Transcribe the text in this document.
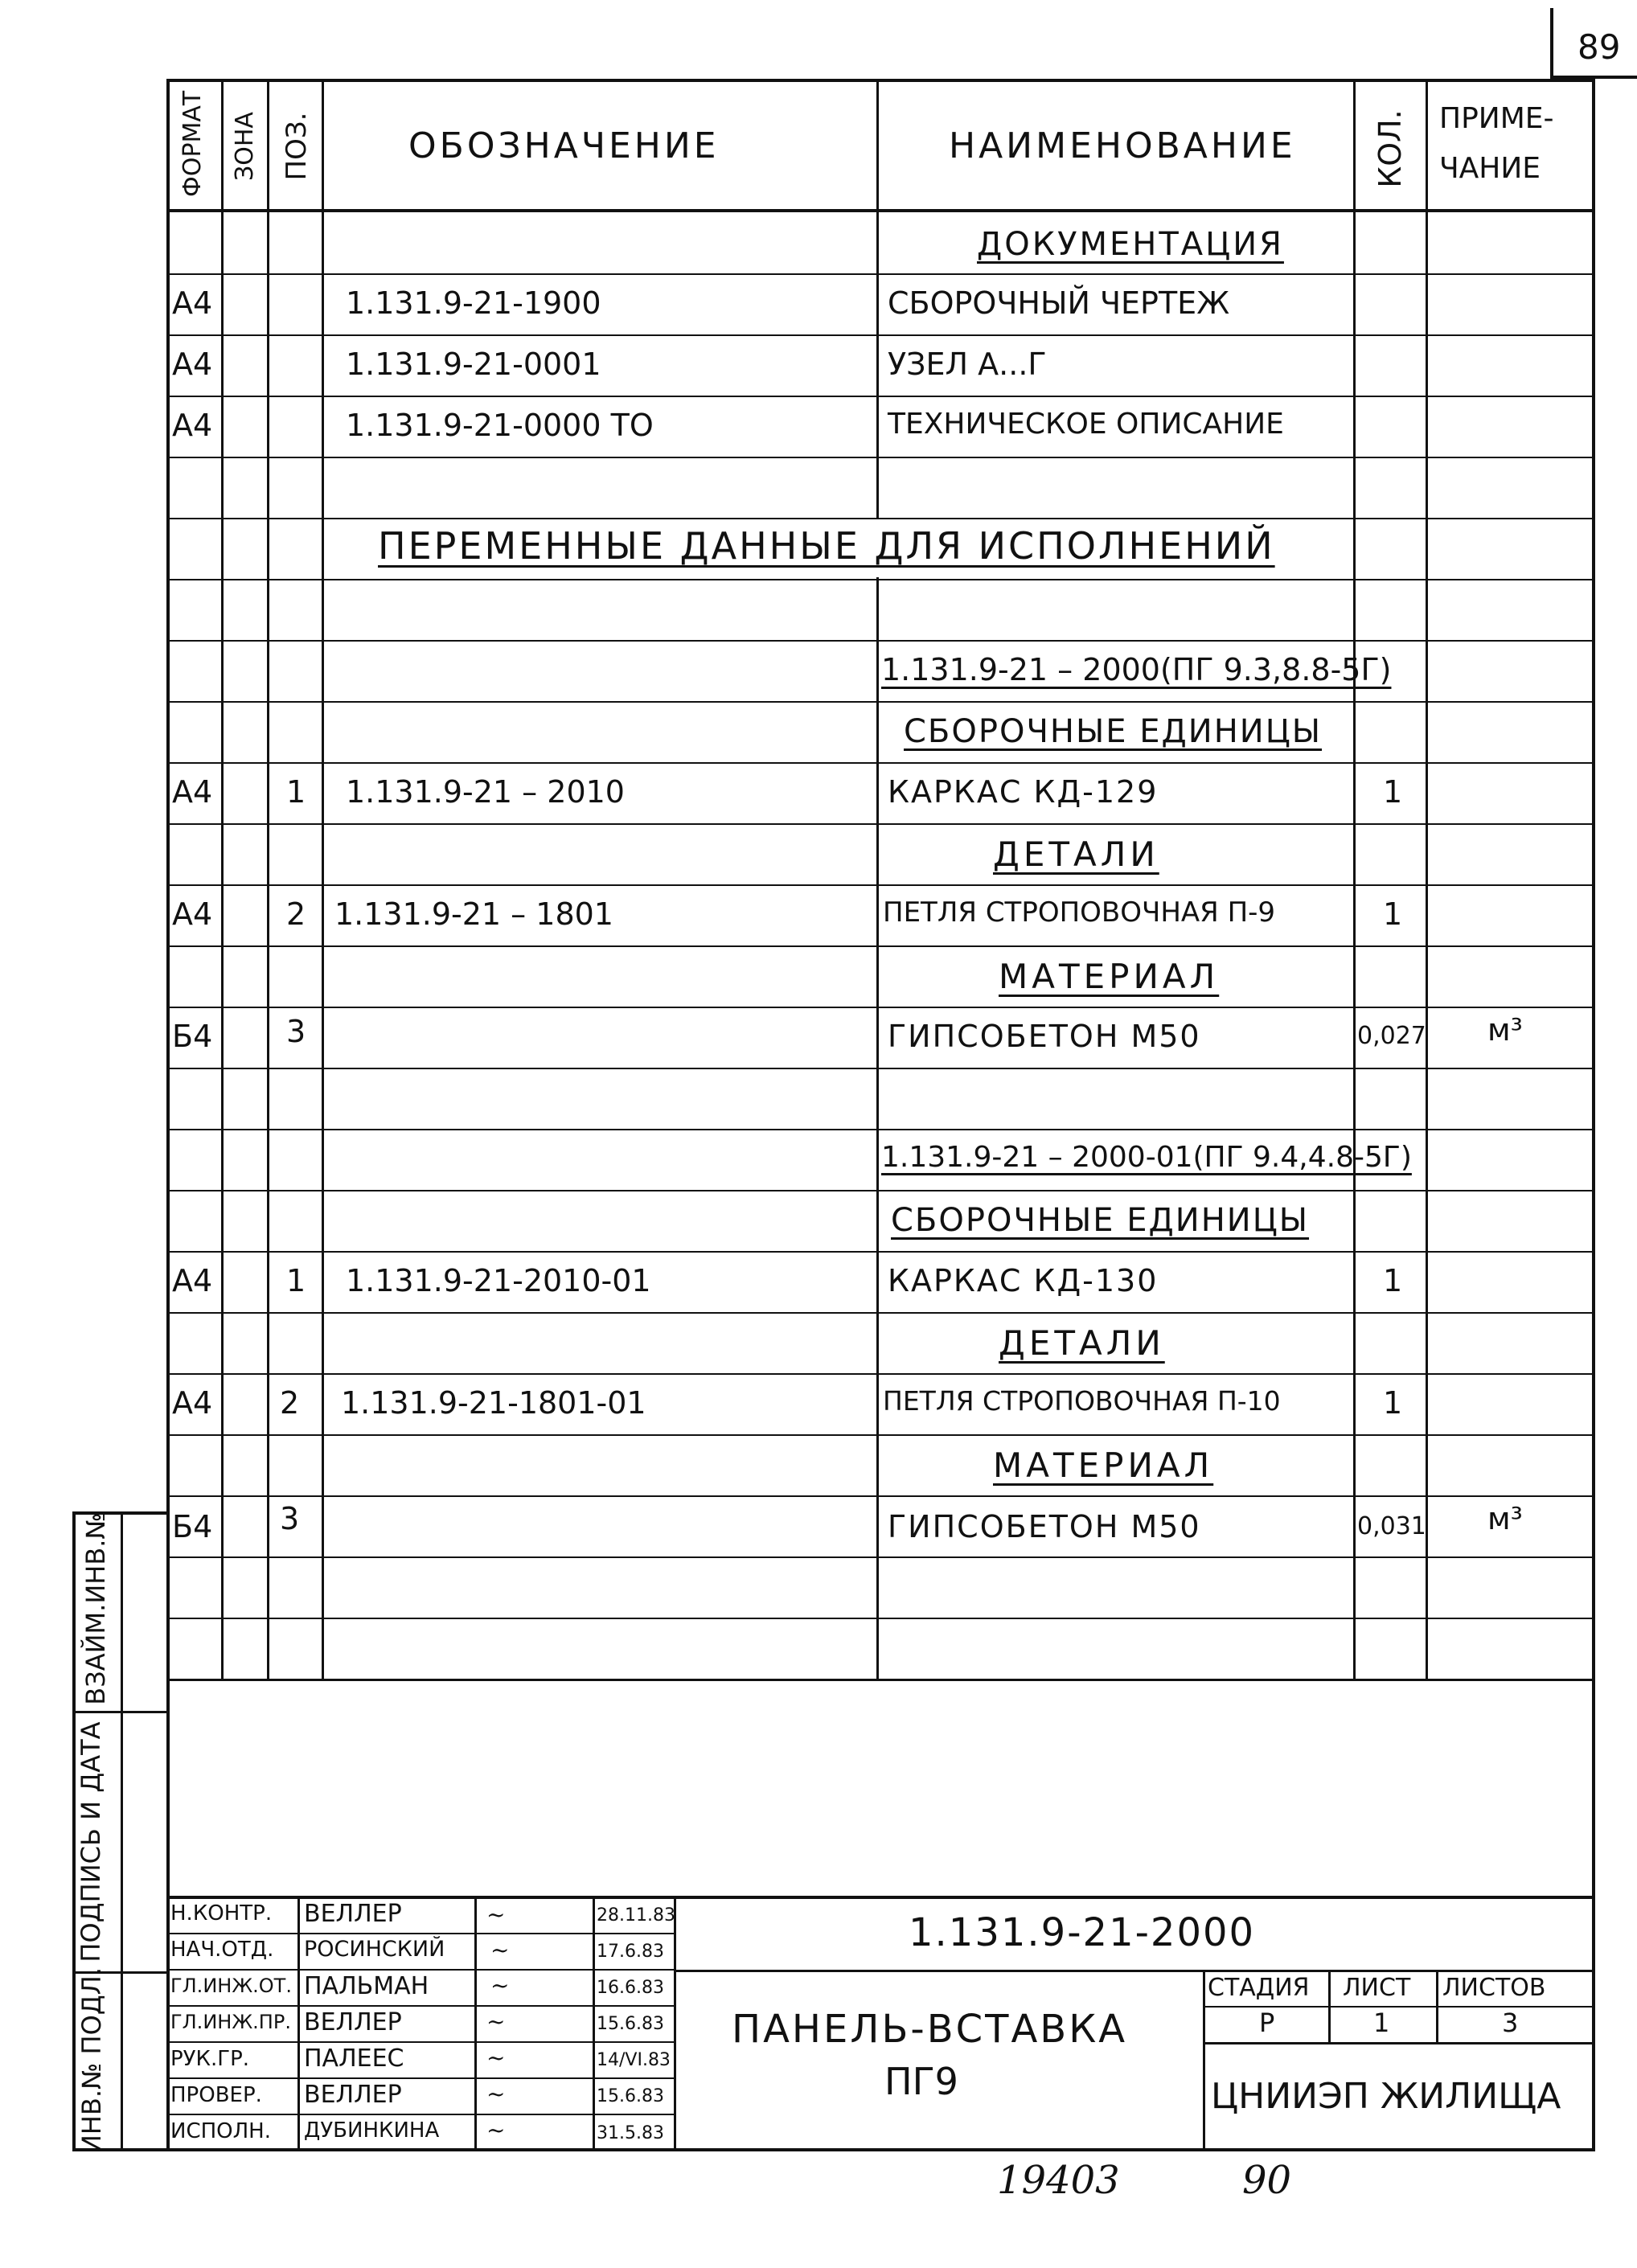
89
ВЗАЙМ.ИНВ.№
ПОДПИСЬ И ДАТА
ИНВ.№ ПОДЛ.
ФОРМАТ ЗОНА ПОЗ.	ОБОЗНАЧЕНИЕ	НАИМЕНОВАНИЕ	КОЛ. ПРИМЕ-
ЧАНИЕ
ПЕРЕМЕННЫЕ ДАННЫЕ ДЛЯ ИСПОЛНЕНИЙ
ДОКУМЕНТАЦИЯ
А4	1.131.9-21-1900	СБОРОЧНЫЙ ЧЕРТЕЖ
А4	1.131.9-21-0001	УЗЕЛ А...Г
А4	1.131.9-21-0000 ТО	ТЕХНИЧЕСКОЕ ОПИСАНИЕ
1.131.9-21 – 2000(ПГ 9.3,8.8-5Г)
СБОРОЧНЫЕ ЕДИНИЦЫ
А4 1 1.131.9-21 – 2010	КАРКАС КД-129	1
ДЕТАЛИ
А4 2 1.131.9-21 – 1801	ПЕТЛЯ СТРОПОВОЧНАЯ П-9	1
МАТЕРИАЛ
Б4 3	ГИПСОБЕТОН М50	0,027 м³
1.131.9-21 – 2000-01(ПГ 9.4,4.8-5Г)
СБОРОЧНЫЕ ЕДИНИЦЫ
А4 1 1.131.9-21-2010-01	КАРКАС КД-130	1
ДЕТАЛИ
А4 2 1.131.9-21-1801-01	ПЕТЛЯ СТРОПОВОЧНАЯ П-10	1
МАТЕРИАЛ
Б4 3	ГИПСОБЕТОН М50	0,031 м³
1.131.9-21-2000
ПАНЕЛЬ-ВСТАВКА
ПГ9
СТАДИЯ ЛИСТ ЛИСТОВ
Р	1	3
ЦНИИЭП ЖИЛИЩА
Н.КОНТР. ВЕЛЛЕР	~	28.11.83
НАЧ.ОТД. РОСИНСКИЙ ~	17.6.83
ГЛ.ИНЖ.ОТ. ПАЛЬМАН	~	16.6.83
ГЛ.ИНЖ.ПР. ВЕЛЛЕР	~	15.6.83
РУК.ГР. ПАЛЕЕС	~	14/VI.83
ПРОВЕР. ВЕЛЛЕР	~	15.6.83
ИСПОЛН. ДУБИНКИНА ~	31.5.83
19403	90
